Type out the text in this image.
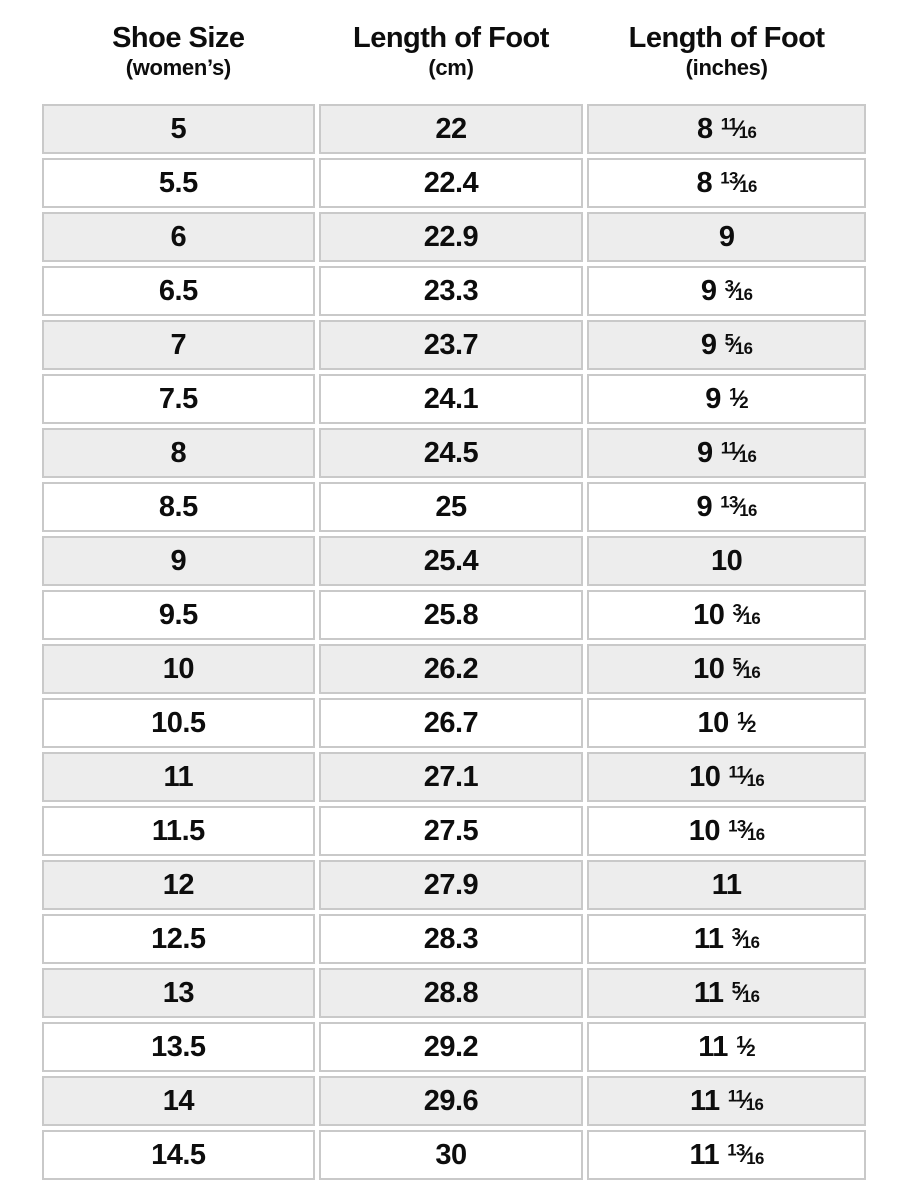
Shoe Size
(women’s)

Length of Foot
(cm)

Length of Foot
(inches)

5	22	8 $^{11}$⁄16
5.5	22.4	8 $^{13}$⁄16
6	22.9	9
6.5	23.3	9 $^3$⁄16
7	23.7	9 $^5$⁄16
7.5	24.1	9 $^1$⁄2
8	24.5	9 $^{11}$⁄16
8.5	25	9 $^{13}$⁄16
9	25.4	10
9.5	25.8	10 $^3$⁄16
10	26.2	10 $^5$⁄16
10.5	26.7	10 $^1$⁄2
11	27.1	10 $^{11}$⁄16
11.5	27.5	10 $^{13}$⁄16
12	27.9	11
12.5	28.3	11 $^3$⁄16
13	28.8	11 $^5$⁄16
13.5	29.2	11 $^1$⁄2
14	29.6	11 $^{11}$⁄16
14.5	30	11 $^{13}$⁄16
